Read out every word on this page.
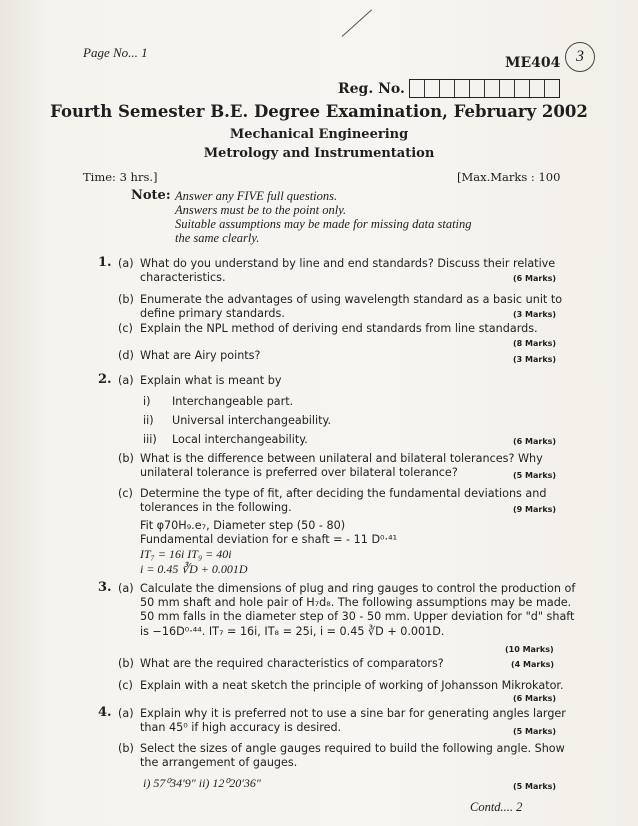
Page No... 1
ME404 3
Reg. No.
Fourth Semester B.E. Degree Examination, February 2002
Mechanical Engineering
Metrology and Instrumentation
Time: 3 hrs.]	[Max.Marks : 100
Note: Answer any FIVE full questions.
Answers must be to the point only.
Suitable assumptions may be made for missing data stating
the same clearly.
1. (a) What do you understand by line and end standards? Discuss their relative
characteristics.	(6 Marks)
(b) Enumerate the advantages of using wavelength standard as a basic unit to
define primary standards.	(3 Marks)
(c) Explain the NPL method of deriving end standards from line standards.
(8 Marks)
(d) What are Airy points?	(3 Marks)
2. (a) Explain what is meant by
i) Interchangeable part.
ii) Universal interchangeability.
iii) Local interchangeability.	(6 Marks)
(b) What is the difference between unilateral and bilateral tolerances? Why
unilateral tolerance is preferred over bilateral tolerance?	(5 Marks)
(c) Determine the type of fit, after deciding the fundamental deviations and
tolerances in the following.	(9 Marks)
Fit φ70H₉.e₇, Diameter step (50 - 80)
Fundamental deviation for e shaft = - 11 D⁰·⁴¹
IT₇ = 16i IT₉ = 40i
i = 0.45 ∛D + 0.001D
3. (a) Calculate the dimensions of plug and ring gauges to control the production of
50 mm shaft and hole pair of H₇d₈. The following assumptions may be made.
50 mm falls in the diameter step of 30 - 50 mm. Upper deviation for "d" shaft
is −16D⁰·⁴⁴. IT₇ = 16i, IT₈ = 25i, i = 0.45 ∛D + 0.001D.
(10 Marks)
(b) What are the required characteristics of comparators?	(4 Marks)
(c) Explain with a neat sketch the principle of working of Johansson Mikrokator.
(6 Marks)
4. (a) Explain why it is preferred not to use a sine bar for generating angles larger
than 45⁰ if high accuracy is desired.	(5 Marks)
(b) Select the sizes of angle gauges required to build the following angle. Show
the arrangement of gauges.
i) 57⁰34′9″ ii) 12⁰20′36″	(5 Marks)
Contd.... 2
